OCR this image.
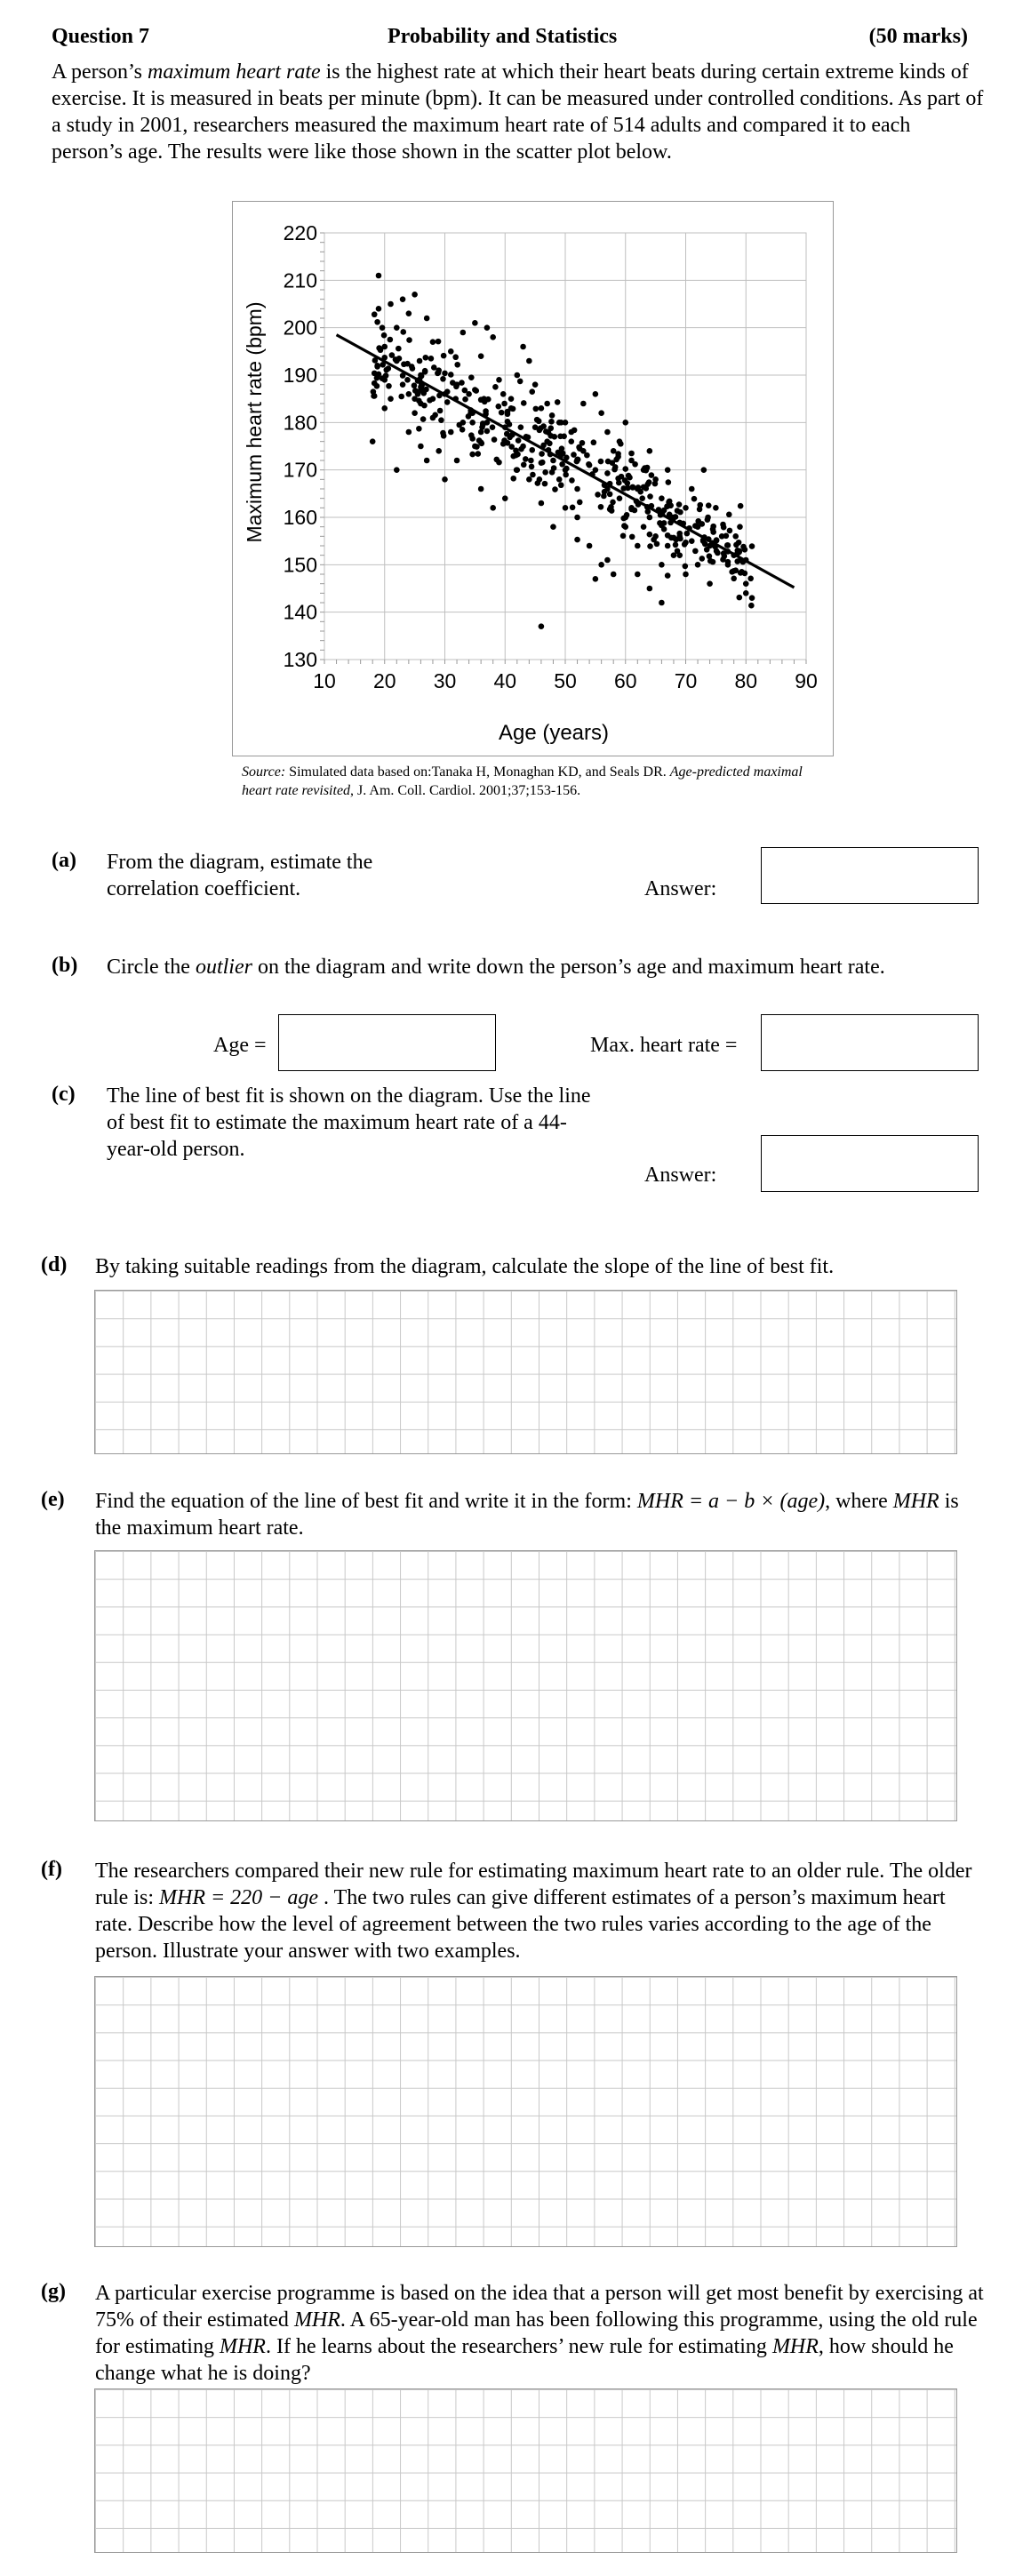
Question 7	Probability and Statistics	(50 marks)

A person’s maximum heart rate is the highest rate at which their heart beats during certain extreme kinds of exercise. It is measured in beats per minute (bpm). It can be measured under controlled conditions. As part of a study in 2001, researchers measured the maximum heart rate of 514 adults and compared it to each person’s age. The results were like those shown in the scatter plot below.

10 20 30 40 50 60 70 80 90
130
140
150
160
170
180
190
200
210
220
Age (years)
Maximum heart rate (bpm)
Source: Simulated data based on:Tanaka H, Monaghan KD, and Seals DR. Age-predicted maximal heart rate revisited, J. Am. Coll. Cardiol. 2001;37;153-156.
(a) From the diagram, estimate the correlation coefficient.	Answer:
(b) Circle the outlier on the diagram and write down the person’s age and maximum heart rate.
Age =	Max. heart rate =
(c) The line of best fit is shown on the diagram. Use the line of best fit to estimate the maximum heart rate of a 44-year-old person.
Answer:
(d) By taking suitable readings from the diagram, calculate the slope of the line of best fit.
(e) Find the equation of the line of best fit and write it in the form: MHR = a − b × (age), where MHR is the maximum heart rate.
(f) The researchers compared their new rule for estimating maximum heart rate to an older rule. The older rule is: MHR = 220 − age . The two rules can give different estimates of a person’s maximum heart rate. Describe how the level of agreement between the two rules varies according to the age of the person. Illustrate your answer with two examples.
(g) A particular exercise programme is based on the idea that a person will get most benefit by exercising at 75% of their estimated MHR. A 65-year-old man has been following this programme, using the old rule for estimating MHR. If he learns about the researchers’ new rule for estimating MHR, how should he change what he is doing?
